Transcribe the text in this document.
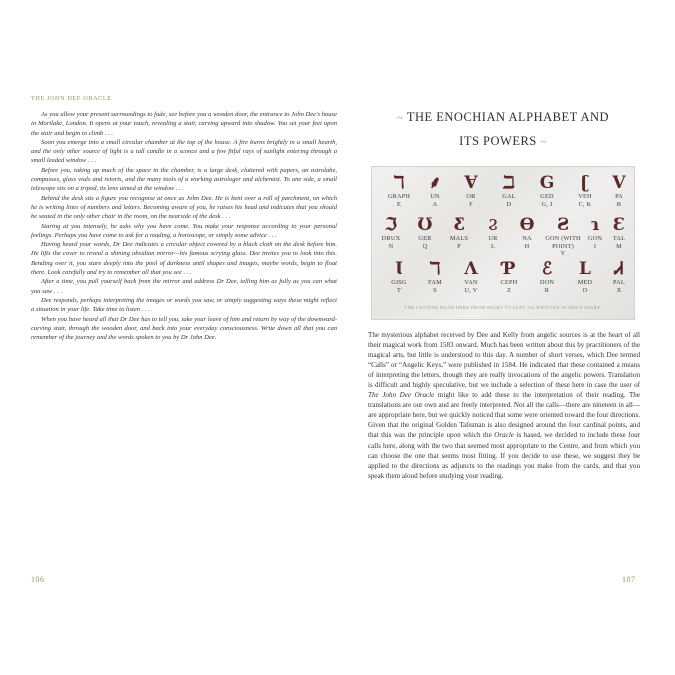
THE JOHN DEE ORACLE

As you allow your present surroundings to fade, see before you a wooden door, the entrance to John Dee's house in Mortlake, London. It opens at your touch, revealing a stair, curving upward into shadow. You set your feet upon the stair and begin to climb . . .

Soon you emerge into a small circular chamber at the top of the house. A fire burns brightly in a small hearth, and the only other source of light is a tall candle in a sconce and a few fitful rays of sunlight entering through a small leaded window . . .

Before you, taking up much of the space in the chamber, is a large desk, cluttered with papers, an astrolabe, compasses, glass vials and retorts, and the many tools of a working astrologer and alchemist. To one side, a small telescope sits on a tripod, its lens aimed at the window . . .

Behind the desk sits a figure you recognise at once as John Dee. He is bent over a roll of parchment, on which he is writing lines of numbers and letters. Becoming aware of you, he raises his head and indicates that you should be seated in the only other chair in the room, on the nearside of the desk . . .

Staring at you intensely, he asks why you have come. You make your response according to your personal feelings. Perhaps you have come to ask for a reading, a horoscope, or simply some advice . . .

Having heard your words, Dr Dee indicates a circular object covered by a black cloth on the desk before him. He lifts the cover to reveal a shining obsidian mirror—his famous scrying glass. Dee invites you to look into this. Bending over it, you stare deeply into the pool of darkness until shapes and images, maybe words, begin to float there. Look carefully and try to remember all that you see . . .

After a time, you pull yourself back from the mirror and address Dr Dee, telling him as fully as you can what you saw . . .

Dee responds, perhaps interpreting the images or words you saw, or simply suggesting ways these might reflect a situation in your life. Take time to listen . . .

When you have heard all that Dr Dee has to tell you, take your leave of him and return by way of the downward-curving stair, through the wooden door, and back into your everyday consciousness. Write down all that you can remember of the journey and the words spoken to you by Dr John Dee.

106
~ THE ENOCHIAN ALPHABET AND
ITS POWERS ~
ℸ
GRAPH
E
⸙
UN
A
Ɐ
OR
F
ℶ
GAL
D
G
GED
G, J
ʗ
VEH
C, K
Ⅴ
PA
B
ℑ
DRUX
N
Ʊ
GER
Q
Ƹ
MALS
P
Ϩ
UR
L
Ɵ
NA
H
Ƨ
GON (WITH POINT)
Y
ɿ
GON
I
Ɛ
TAL
M
Ɩ
GISG
T
ℸ
FAM
S
Ʌ
VAN
U, V
Ƥ
CEPH
Z
ℰ
DON
R
Ⅼ
MED
O
Ꮧ
PAL
X
THE LETTERS READ HERE FROM RIGHT TO LEFT, AS WRITTEN IN DEE'S DIARY.

The mysterious alphabet received by Dee and Kelly from angelic sources is at the heart of all their magical work from 1583 onward. Much has been written about this by practitioners of the magical arts, but little is understood to this day. A number of short verses, which Dee termed “Calls” or “Angelic Keys,” were published in 1584. He indicated that these contained a means of interpreting the letters, though they are really invocations of the angelic powers. Translation is difficult and highly speculative, but we include a selection of these here in case the user of The John Dee Oracle might like to add these to the interpretation of their reading. The translations are our own and are freely interpreted. Not all the calls—there are nineteen in all—are appropriate here, but we quickly noticed that some were oriented toward the four directions. Given that the original Golden Talisman is also designed around the four cardinal points, and that this was the principle upon which the Oracle is based, we decided to include these four calls here, along with the two that seemed most appropriate to the Centre, and from which you can choose the one that seems most fitting. If you decide to use these, we suggest they be applied to the directions as adjuncts to the readings you make from the cards, and that you speak them aloud before studying your reading.

107
